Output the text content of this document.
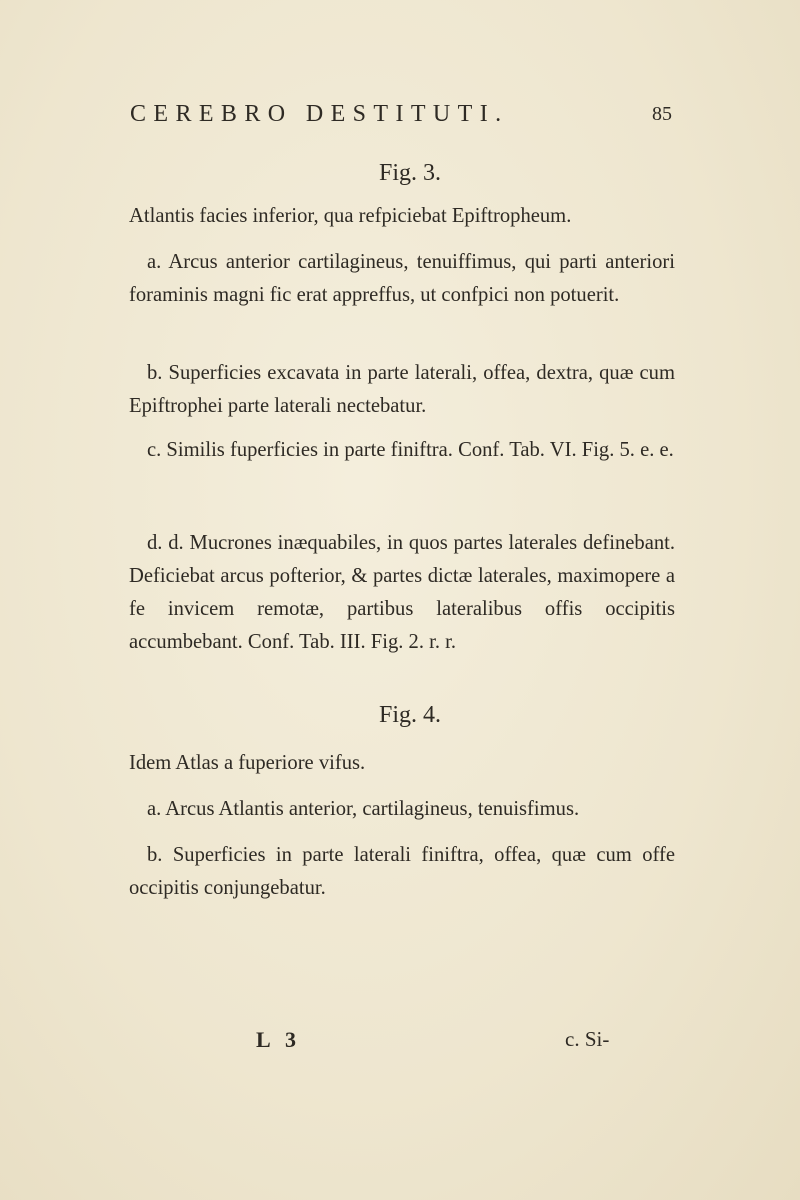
CEREBRO DESTITUTI.	85
Fig. 3.

Atlantis facies inferior, qua refpiciebat Epiftropheum.

a. Arcus anterior cartilagineus, tenuiffimus, qui parti anteriori foraminis magni fic erat appreffus, ut confpici non potuerit.

b. Superficies excavata in parte laterali, offea, dextra, quæ cum Epiftrophei parte laterali nectebatur.

c. Similis fuperficies in parte finiftra. Conf. Tab. VI. Fig. 5. e. e.

d. d. Mucrones inæquabiles, in quos partes laterales definebant. Deficiebat arcus pofterior, & partes dictæ laterales, maximopere a fe invicem remotæ, partibus lateralibus offis occipitis accumbebant. Conf. Tab. III. Fig. 2. r. r.

Fig. 4.

Idem Atlas a fuperiore vifus.

a. Arcus Atlantis anterior, cartilagineus, tenuisfimus.

b. Superficies in parte laterali finiftra, offea, quæ cum offe occipitis conjungebatur.

L 3	c. Si-
